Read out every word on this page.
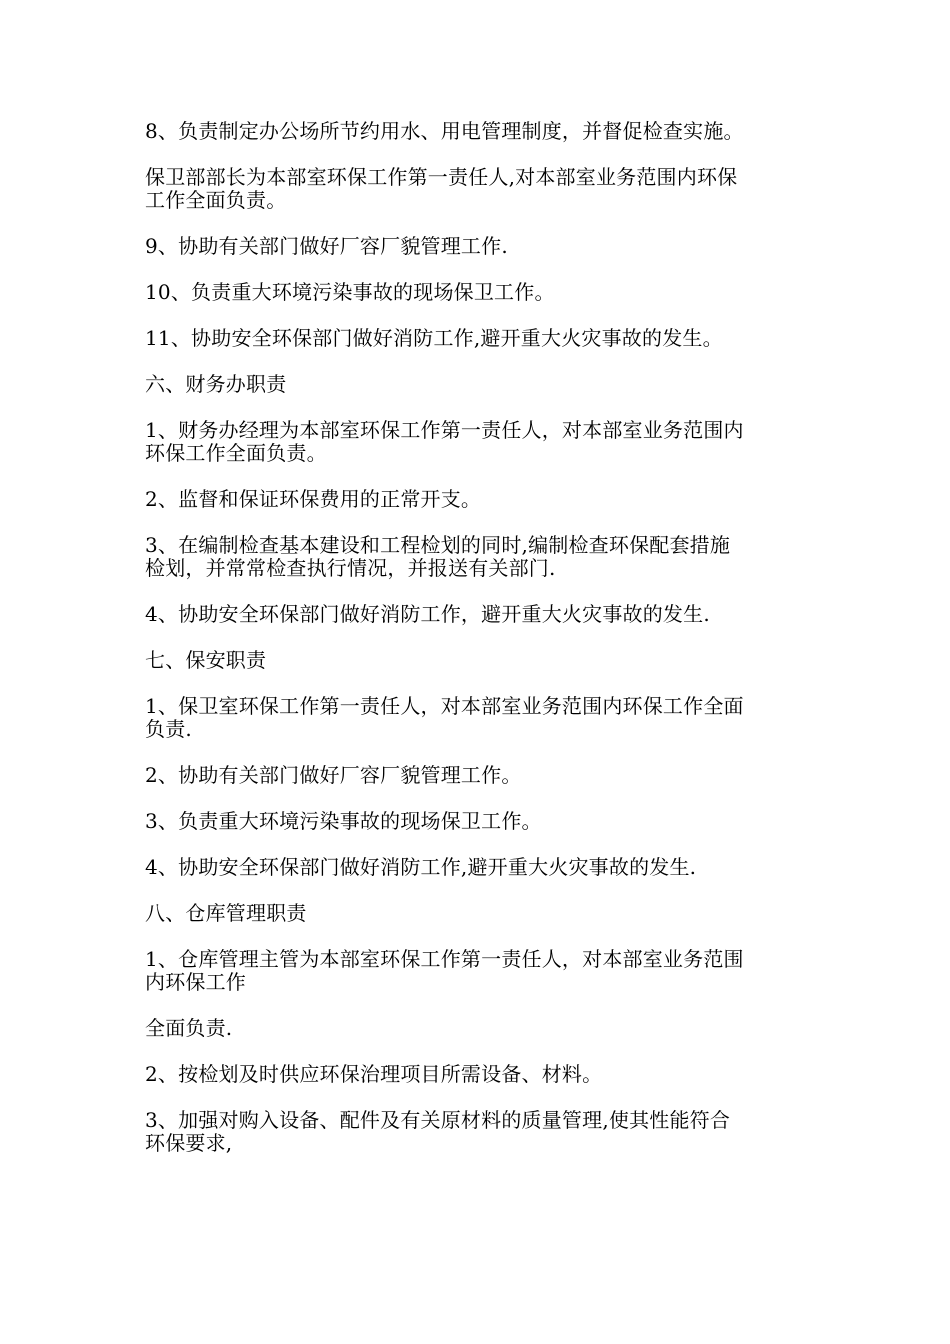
8、负责制定办公场所节约用水、用电管理制度，并督促检查实施。

保卫部部长为本部室环保工作第一责任人,对本部室业务范围内环保
工作全面负责。

9、协助有关部门做好厂容厂貌管理工作.

10、负责重大环境污染事故的现场保卫工作。

11、协助安全环保部门做好消防工作,避开重大火灾事故的发生。

六、财务办职责

1、财务办经理为本部室环保工作第一责任人，对本部室业务范围内
环保工作全面负责。

2、监督和保证环保费用的正常开支。

3、在编制检查基本建设和工程检划的同时,编制检查环保配套措施
检划，并常常检查执行情况，并报送有关部门.

4、协助安全环保部门做好消防工作，避开重大火灾事故的发生.

七、保安职责

1、保卫室环保工作第一责任人，对本部室业务范围内环保工作全面
负责.

2、协助有关部门做好厂容厂貌管理工作。

3、负责重大环境污染事故的现场保卫工作。

4、协助安全环保部门做好消防工作,避开重大火灾事故的发生.

八、仓库管理职责

1、仓库管理主管为本部室环保工作第一责任人，对本部室业务范围
内环保工作

全面负责.

2、按检划及时供应环保治理项目所需设备、材料。

3、加强对购入设备、配件及有关原材料的质量管理,使其性能符合
环保要求,
